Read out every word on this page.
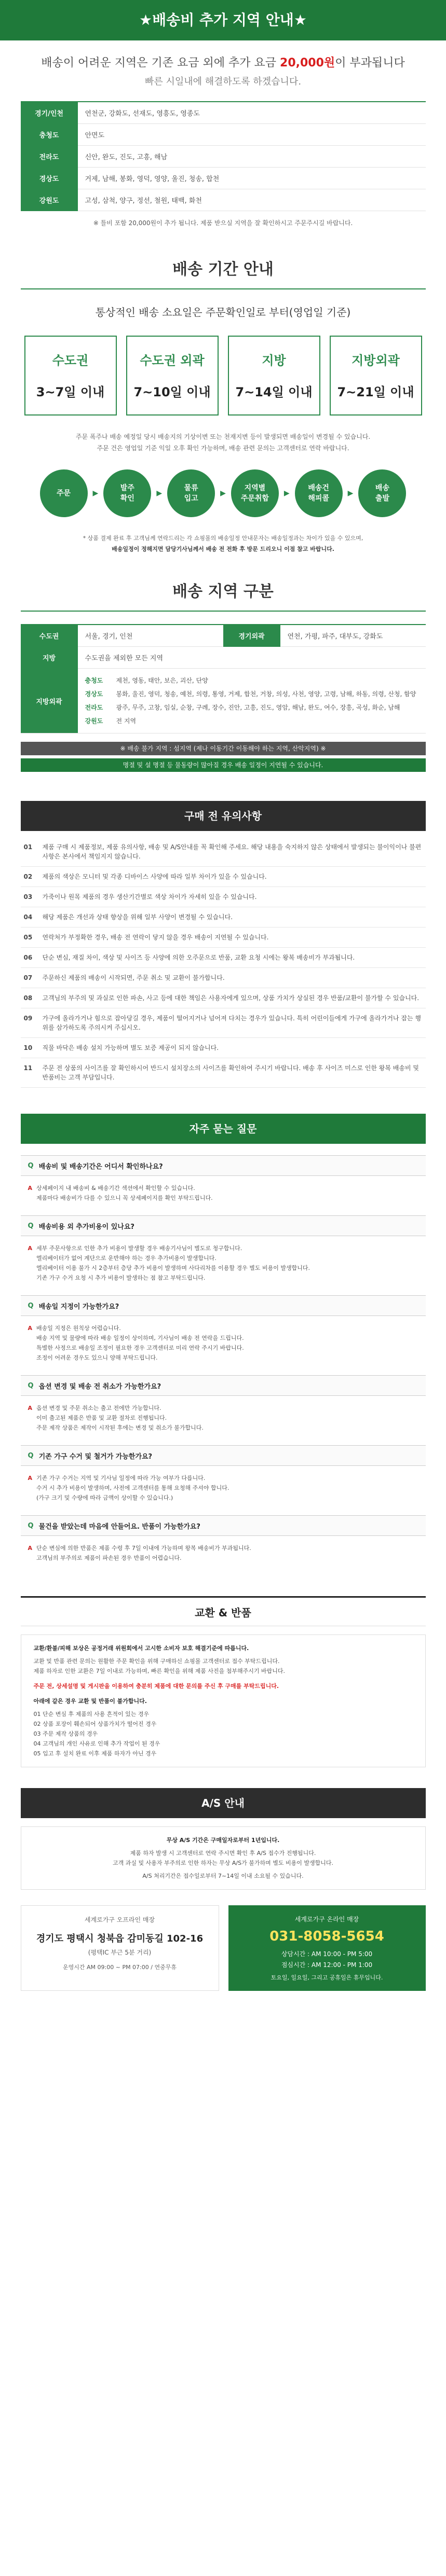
★배송비 추가 지역 안내★
배송이 어려운 지역은 기존 요금 외에 추가 요금 20,000원이 부과됩니다
빠른 시일내에 해결하도록 하겠습니다.
경기/인천	연천군, 강화도, 선재도, 영흥도, 영종도
충청도	안면도
전라도	신안, 완도, 진도, 고흥, 해남
경상도	거제, 남해, 봉화, 영덕, 영양, 울진, 청송, 합천
강원도	고성, 삼척, 양구, 정선, 철원, 태백, 화천
※ 틀비 포함 20,000원이 추가 됩니다. 제품 받으실 지역을 잘 확인하시고 주문주시길 바랍니다.
배송 기간 안내
통상적인 배송 소요일은 주문확인일로 부터(영업일 기준)
수도권
3~7일 이내
수도권 외곽
7~10일 이내
지방
7~14일 이내
지방외곽
7~21일 이내
주문 폭주나 배송 예정일 당시 배송지의 기상이변 또는 천재지변 등이 발생되면 배송일이 변경될 수 있습니다.
주문 건은 영업일 기준 익일 오후 확인 가능하며, 배송 관련 문의는 고객센터로 연락 바랍니다.
주문	▶
발주
확인
▶
물류
입고
▶
지역별
주문취합
▶
배송건
해피콜
▶
배송
출발
* 상품 결제 완료 후 고객님께 연락드리는 각 쇼핑몰의 배송일정 안내문자는 배송일정과는 차이가 있을 수 있으며,
배송일정이 정해지면 담당기사님께서 배송 전 전화 후 방문 드리오니 이점 참고 바랍니다.
배송 지역 구분
수도권	서울, 경기, 인천	경기외곽	연천, 가평, 파주, 대부도, 강화도
지방	수도권을 제외한 모든 지역
지방외곽
충청도	제천, 영동, 태안, 보은, 괴산, 단양
경상도	봉화, 울진, 영덕, 청송, 예천, 의령, 통영, 거제, 합천, 거창, 의성, 사천, 영양, 고령, 남해, 하동, 의령, 산청, 함양
전라도	광주, 무주, 고창, 임실, 순창, 구례, 장수, 진안, 고흥, 진도, 영암, 해남, 완도, 여수, 장흥, 곡성, 화순, 남해
강원도	전 지역
※ 배송 불가 지역 : 섬지역 (제나 이동기간 이동해야 하는 지역, 산악지역) ※
명절 및 설 명절 등 물동량이 많아질 경우 배송 일정이 지연될 수 있습니다.
구매 전 유의사항
01	제품 구매 시 제품정보, 제품 유의사항, 배송 및 A/S안내를 꼭 확인해 주세요. 해당 내용을 숙지하지 않은 상태에서 발생되는 불이익이나 불편사항은 본사에서 책임지지 않습니다.
02	제품의 색상은 모니터 및 각종 디바이스 사양에 따라 일부 차이가 있을 수 있습니다.
03	가죽이나 원목 제품의 경우 생산기간별로 색상 차이가 자세히 있을 수 있습니다.
04	해당 제품은 개선과 상태 향상을 위해 일부 사양이 변경될 수 있습니다.
05	연락처가 부정확한 경우, 배송 전 연락이 닿지 않을 경우 배송이 지연될 수 있습니다.
06	단순 변심, 재질 차이, 색상 및 사이즈 등 사양에 의한 오주문으로 반품, 교환 요청 시에는 왕복 배송비가 부과됩니다.
07	주문하신 제품의 배송이 시작되면, 주문 취소 및 교환이 불가합니다.
08	고객님의 부주의 및 과실로 인한 파손, 사고 등에 대한 책임은 사용자에게 있으며, 상품 가치가 상실된 경우 반품/교환이 불가할 수 있습니다.
09	가구에 올라가거나 힘으로 잡아당길 경우, 제품이 떨어지거나 넘어져 다치는 경우가 있습니다. 특히 어린이들에게 가구에 올라가거나 잡는 행위를 삼가하도록 주의시켜 주십시오.
10	직물 바닥은 배송 설치 가능하며 별도 보증 제공이 되지 않습니다.
11	주문 전 상품의 사이즈를 잘 확인하시어 반드시 설치장소의 사이즈를 확인하여 주시기 바랍니다. 배송 후 사이즈 미스로 인한 왕복 배송비 및 반품비는 고객 부담입니다.
자주 묻는 질문
Q 배송비 및 배송기간은 어디서 확인하나요?
A 상세페이지 내 배송비 & 배송기간 섹션에서 확인할 수 있습니다.
제품마다 배송비가 다를 수 있으니 꼭 상세페이지를 확인 부탁드립니다.
Q 배송비용 외 추가비용이 있나요?
A 세부 주문사항으로 인한 추가 비용이 발생할 경우 배송기사님이 별도로 청구합니다.
엘리베이터가 없어 계단으로 운반해야 하는 경우 추가비용이 발생합니다.
엘리베이터 이용 불가 시 2층부터 층당 추가 비용이 발생하며 사다리차를 이용할 경우 별도 비용이 발생합니다.
기존 가구 수거 요청 시 추가 비용이 발생하는 점 참고 부탁드립니다.
Q 배송일 지정이 가능한가요?
A 배송일 지정은 원칙상 어렵습니다.
배송 지역 및 물량에 따라 배송 일정이 상이하며, 기사님이 배송 전 연락을 드립니다.
특별한 사정으로 배송일 조정이 필요한 경우 고객센터로 미리 연락 주시기 바랍니다.
조정이 어려운 경우도 있으니 양해 부탁드립니다.
Q 옵션 변경 및 배송 전 취소가 가능한가요?
A 옵션 변경 및 주문 취소는 출고 전에만 가능합니다.
이미 출고된 제품은 반품 및 교환 절차로 진행됩니다.
주문 제작 상품은 제작이 시작된 후에는 변경 및 취소가 불가합니다.
Q 기존 가구 수거 및 철거가 가능한가요?
A 기존 가구 수거는 지역 및 기사님 일정에 따라 가능 여부가 다릅니다.
수거 시 추가 비용이 발생하며, 사전에 고객센터를 통해 요청해 주셔야 합니다.
(가구 크기 및 수량에 따라 금액이 상이할 수 있습니다.)
Q 물건을 받았는데 마음에 안들어요. 반품이 가능한가요?
A 단순 변심에 의한 반품은 제품 수령 후 7일 이내에 가능하며 왕복 배송비가 부과됩니다.
고객님의 부주의로 제품이 파손된 경우 반품이 어렵습니다.
교환 & 반품
교환/환불/피해 보상은 공정거래 위원회에서 고시한 소비자 보호 해결기준에 따릅니다.
교환 및 반품 관련 문의는 원활한 주문 확인을 위해 구매하신 쇼핑몰 고객센터로 접수 부탁드립니다.
제품 하자로 인한 교환은 7일 이내로 가능하며, 빠른 확인을 위해 제품 사진을 첨부해주시기 바랍니다.
주문 전, 상세설명 및 게시판을 이용하여 충분히 제품에 대한 문의를 주신 후 구매를 부탁드립니다.
아래에 같은 경우 교환 및 반품이 불가합니다.
01 단순 변심 후 제품의 사용 흔적이 있는 경우
02 상품 포장이 훼손되어 상품가치가 떨어진 경우
03 주문 제작 상품의 경우
04 고객님의 개인 사유로 인해 추가 작업이 된 경우
05 입고 후 설치 완료 이후 제품 하자가 아닌 경우
A/S 안내
무상 A/S 기간은 구매일자로부터 1년입니다.
제품 하자 발생 시 고객센터로 연락 주시면 확인 후 A/S 접수가 진행됩니다.
고객 과실 및 사용자 부주의로 인한 하자는 무상 A/S가 불가하며 별도 비용이 발생합니다.
A/S 처리기간은 접수일로부터 7~14일 이내 소요될 수 있습니다.
세계로가구 오프라인 매장
경기도 평택시 청북읍 감미동길 102-16
(평택IC 부근 5분 거리)
운영시간 AM 09:00 ~ PM 07:00 / 연중무휴
세계로가구 온라인 매장
031-8058-5654
상담시간 : AM 10:00 - PM 5:00
점심시간 : AM 12:00 - PM 1:00
토요일, 일요일, 그리고 공휴일은 휴무입니다.
